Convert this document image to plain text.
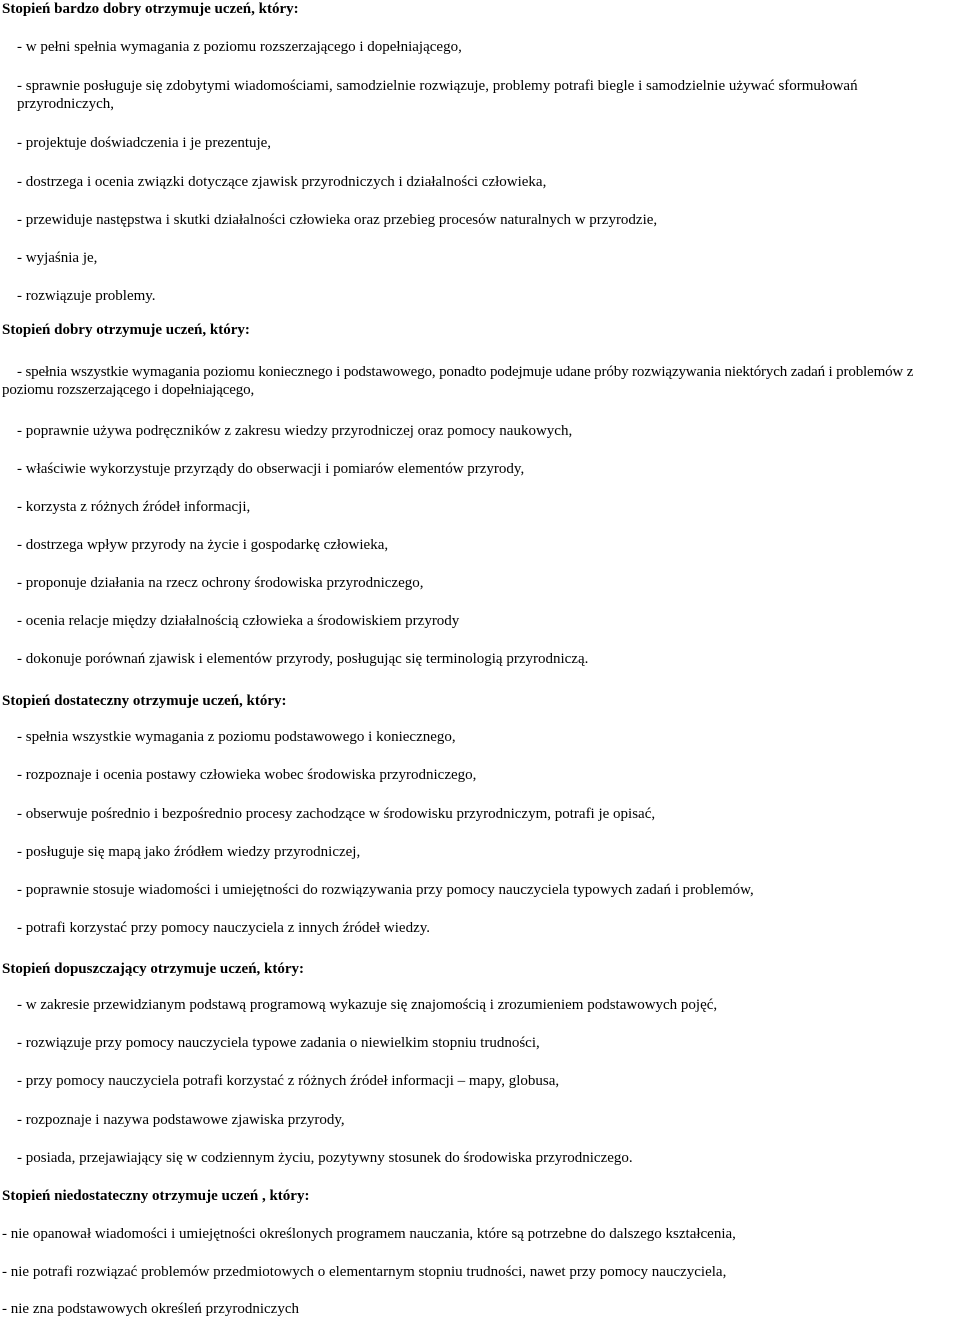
Stopień bardzo dobry otrzymuje uczeń, który:
- w pełni spełnia wymagania z poziomu rozszerzającego i dopełniającego,
- sprawnie posługuje się zdobytymi wiadomościami, samodzielnie rozwiązuje, problemy potrafi biegle i samodzielnie używać sformułowań przyrodniczych,
- projektuje doświadczenia i je prezentuje,
- dostrzega i ocenia związki dotyczące zjawisk przyrodniczych i działalności człowieka,
- przewiduje następstwa i skutki działalności człowieka oraz przebieg procesów naturalnych w przyrodzie,
- wyjaśnia je,
- rozwiązuje problemy.
Stopień dobry otrzymuje uczeń, który:
- spełnia wszystkie wymagania poziomu koniecznego i podstawowego, ponadto podejmuje udane próby rozwiązywania niektórych zadań i problemów z poziomu rozszerzającego i dopełniającego,
- poprawnie używa podręczników z zakresu wiedzy przyrodniczej oraz pomocy naukowych,
- właściwie wykorzystuje przyrządy do obserwacji i pomiarów elementów przyrody,
- korzysta z różnych źródeł informacji,
- dostrzega wpływ przyrody na życie i gospodarkę człowieka,
- proponuje działania na rzecz ochrony środowiska przyrodniczego,
- ocenia relacje między działalnością człowieka a środowiskiem przyrody
- dokonuje porównań zjawisk i elementów przyrody, posługując się terminologią przyrodniczą.
Stopień dostateczny otrzymuje uczeń, który:
- spełnia wszystkie wymagania z poziomu podstawowego i koniecznego,
- rozpoznaje i ocenia postawy człowieka wobec środowiska przyrodniczego,
- obserwuje pośrednio i bezpośrednio procesy zachodzące w środowisku przyrodniczym, potrafi je opisać,
- posługuje się mapą jako źródłem wiedzy przyrodniczej,
- poprawnie stosuje wiadomości i umiejętności do rozwiązywania przy pomocy nauczyciela typowych zadań i problemów,
- potrafi korzystać przy pomocy nauczyciela z innych źródeł wiedzy.
Stopień dopuszczający otrzymuje uczeń, który:
- w zakresie przewidzianym podstawą programową wykazuje się znajomością i zrozumieniem podstawowych pojęć,
- rozwiązuje przy pomocy nauczyciela typowe zadania o niewielkim stopniu trudności,
- przy pomocy nauczyciela potrafi korzystać z różnych źródeł informacji – mapy, globusa,
- rozpoznaje i nazywa podstawowe zjawiska przyrody,
- posiada, przejawiający się w codziennym życiu, pozytywny stosunek do środowiska przyrodniczego.
Stopień niedostateczny otrzymuje uczeń , który:
- nie opanował wiadomości i umiejętności określonych programem nauczania, które są potrzebne do dalszego kształcenia,
- nie potrafi rozwiązać problemów przedmiotowych o elementarnym stopniu trudności, nawet przy pomocy nauczyciela,
- nie zna podstawowych określeń przyrodniczych
